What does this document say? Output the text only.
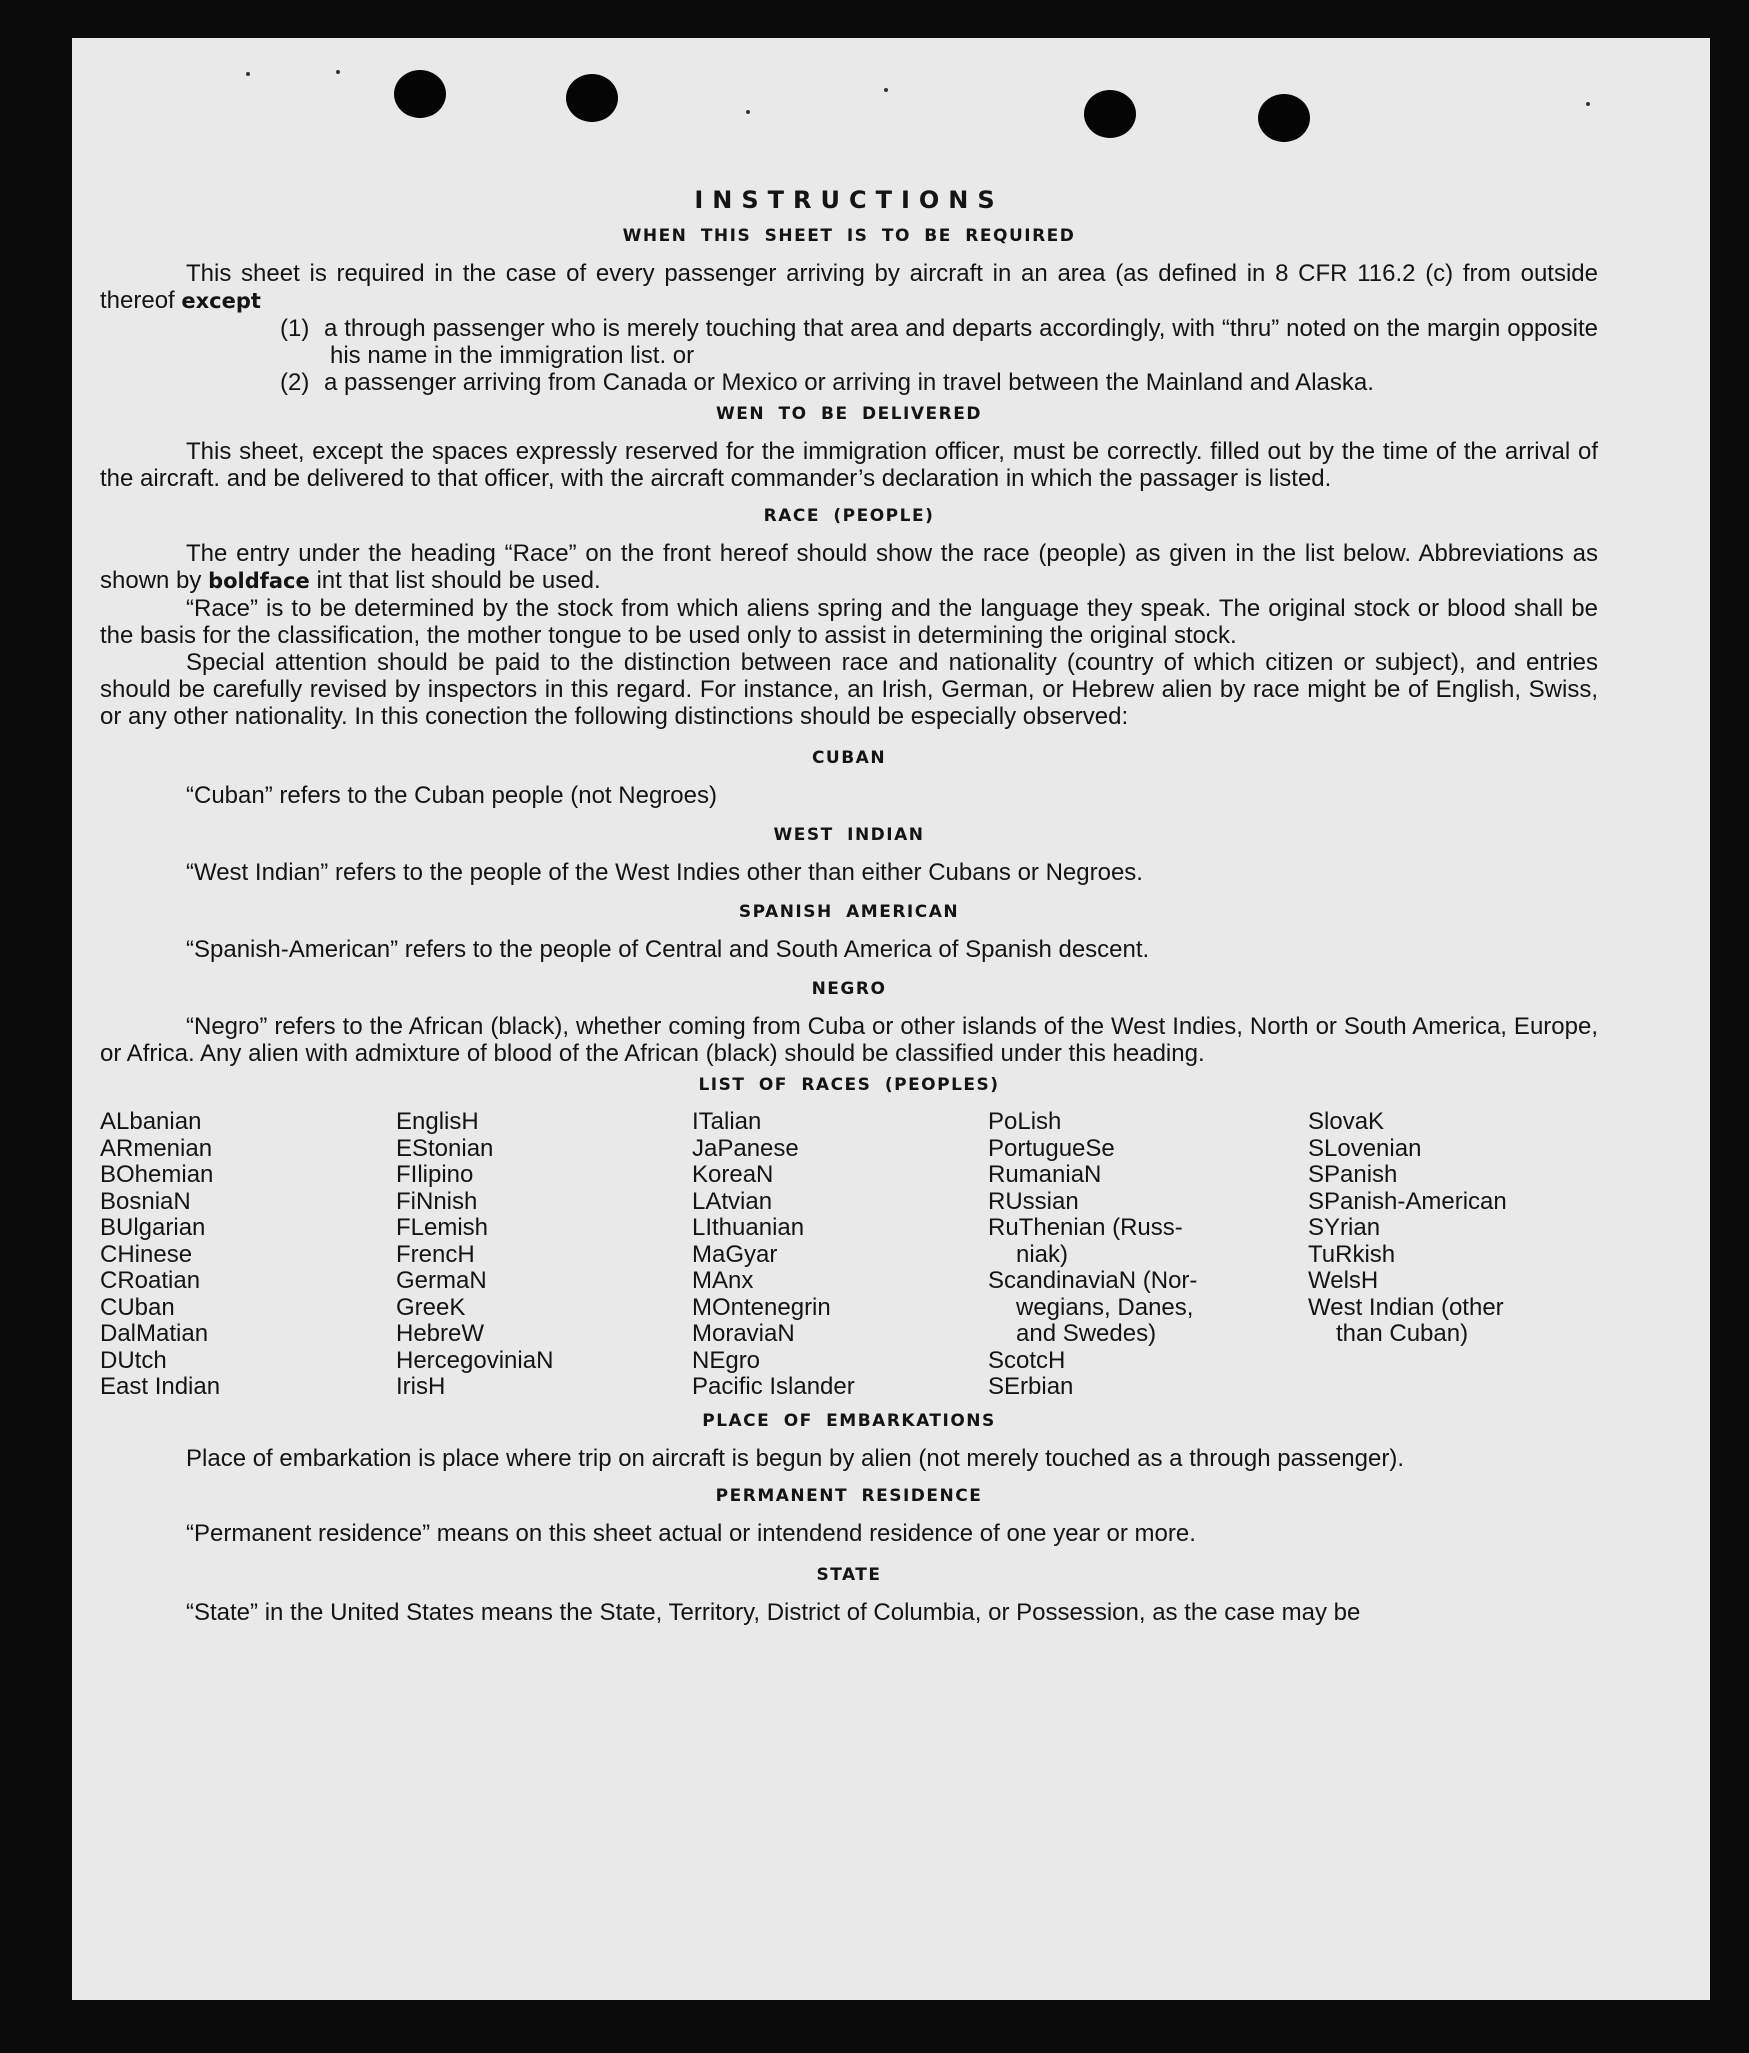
INSTRUCTIONS
WHEN THIS SHEET IS TO BE REQUIRED

This sheet is required in the case of every passenger arriving by aircraft in an area (as defined in 8 CFR 116.2 (c) from outside thereof except

(1) a through passenger who is merely touching that area and departs accordingly, with “thru” noted on the margin opposite his name in the immigration list. or
(2) a passenger arriving from Canada or Mexico or arriving in travel between the Mainland and Alaska.
WEN TO BE DELIVERED

This sheet, except the spaces expressly reserved for the immigration officer, must be correctly. filled out by the time of the arrival of the aircraft. and be delivered to that officer, with the aircraft commander’s declaration in which the passager is listed.

RACE (PEOPLE)

The entry under the heading “Race” on the front hereof should show the race (people) as given in the list below. Abbreviations as shown by boldface int that list should be used.

“Race” is to be determined by the stock from which aliens spring and the language they speak. The original stock or blood shall be the basis for the classification, the mother tongue to be used only to assist in determining the original stock.

Special attention should be paid to the distinction between race and nationality (country of which citizen or subject), and entries should be carefully revised by inspectors in this regard. For instance, an Irish, German, or Hebrew alien by race might be of English, Swiss, or any other nationality. In this conection the following distinctions should be especially observed:

CUBAN

“Cuban” refers to the Cuban people (not Negroes)

WEST INDIAN

“West Indian” refers to the people of the West Indies other than either Cubans or Negroes.

SPANISH AMERICAN

“Spanish-American” refers to the people of Central and South America of Spanish descent.

NEGRO

“Negro” refers to the African (black), whether coming from Cuba or other islands of the West Indies, North or South America, Europe, or Africa. Any alien with admixture of blood of the African (black) should be classified under this heading.

LIST OF RACES (PEOPLES)
ALbanian
ARmenian
BOhemian
BosniaN
BUlgarian
CHinese
CRoatian
CUban
DalMatian
DUtch
East Indian
EnglisH
EStonian
FIlipino
FiNnish
FLemish
FrencH
GermaN
GreeK
HebreW
HercegoviniaN
IrisH
ITalian
JaPanese
KoreaN
LAtvian
LIthuanian
MaGyar
MAnx
MOntenegrin
MoraviaN
NEgro
Pacific Islander
PoLish
PortugueSe
RumaniaN
RUssian
RuThenian (Russ-
niak)
ScandinaviaN (Nor-
wegians, Danes,
and Swedes)
ScotcH
SErbian
SlovaK
SLovenian
SPanish
SPanish-American
SYrian
TuRkish
WelsH
West Indian (other
than Cuban)
PLACE OF EMBARKATIONS

Place of embarkation is place where trip on aircraft is begun by alien (not merely touched as a through passenger).

PERMANENT RESIDENCE

“Permanent residence” means on this sheet actual or intendend residence of one year or more.

STATE

“State” in the United States means the State, Territory, District of Columbia, or Possession, as the case may be
